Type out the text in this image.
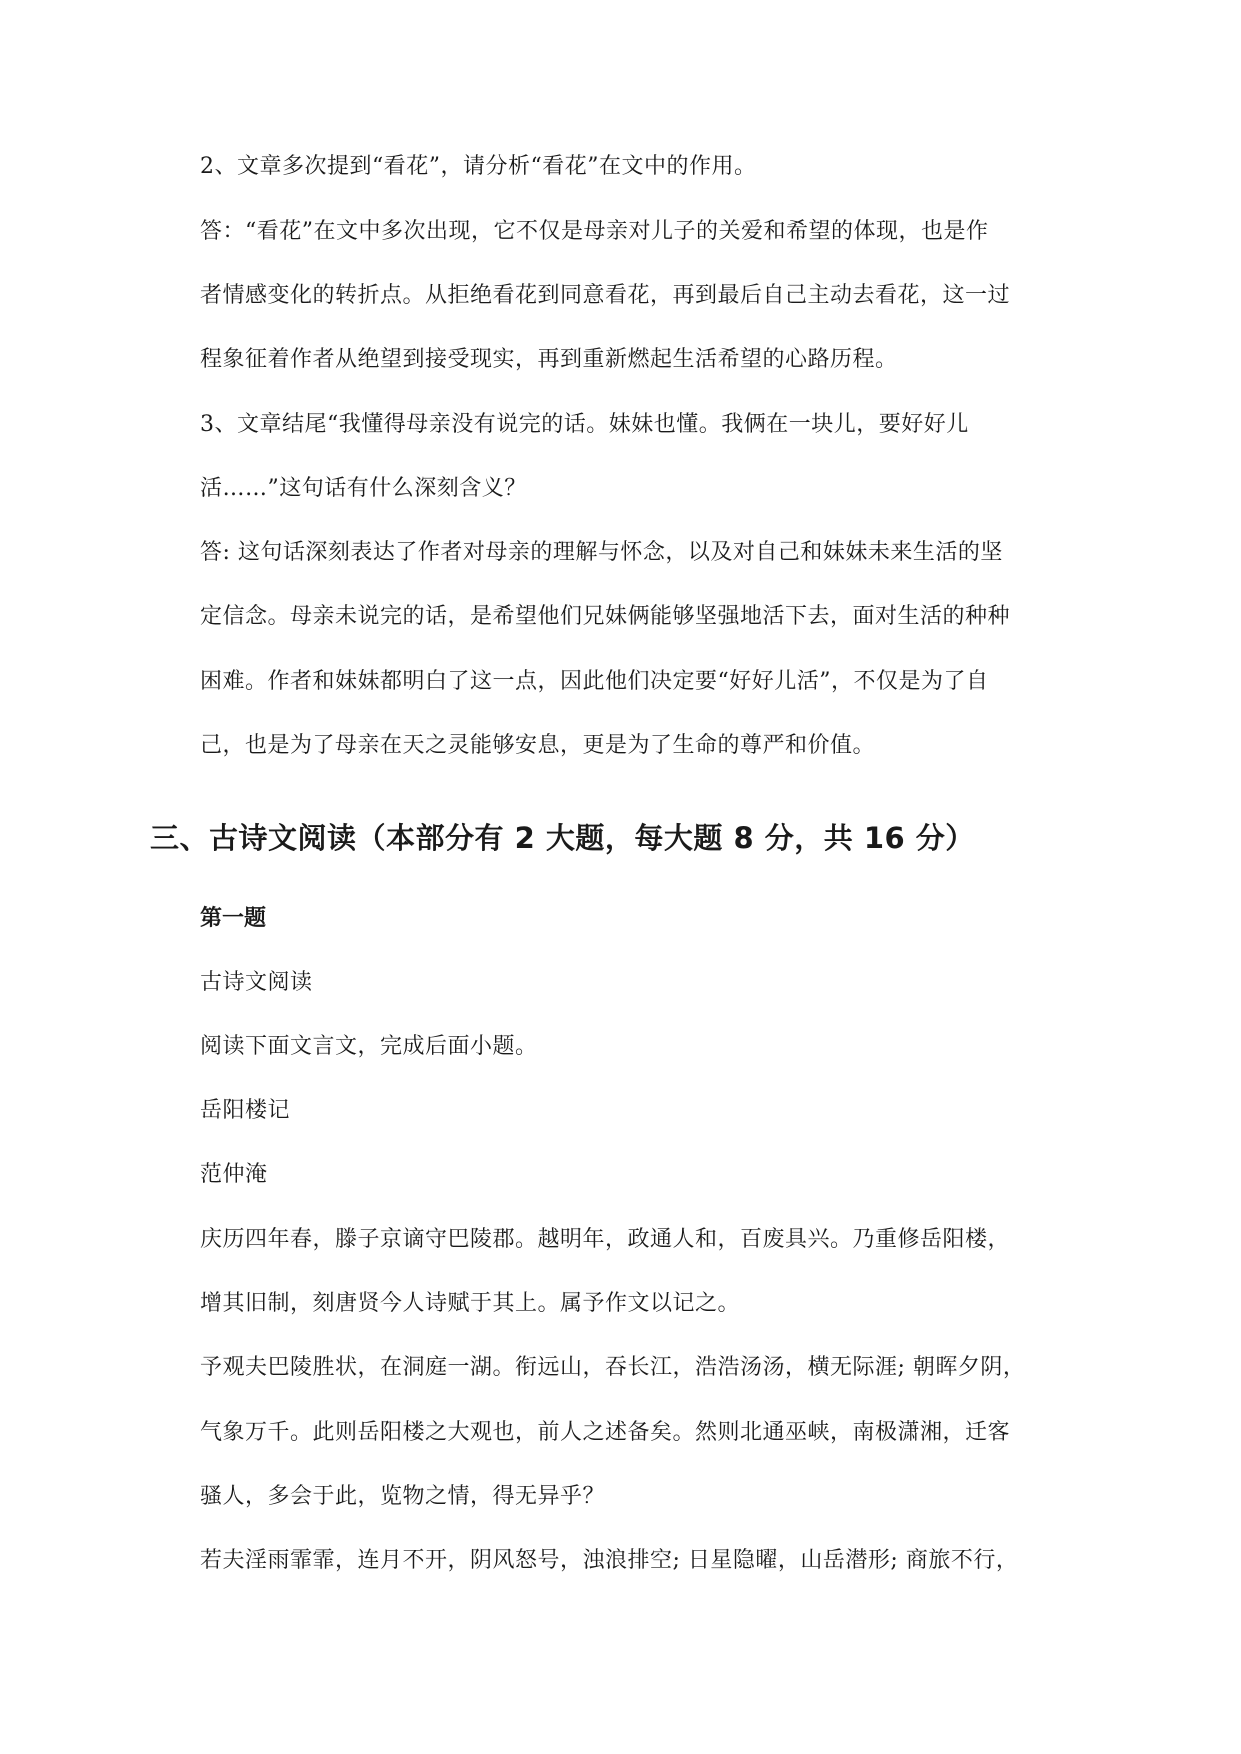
2、文章多次提到“看花”，请分析“看花”在文中的作用。
答：“看花”在文中多次出现，它不仅是母亲对儿子的关爱和希望的体现，也是作
者情感变化的转折点。从拒绝看花到同意看花，再到最后自己主动去看花，这一过
程象征着作者从绝望到接受现实，再到重新燃起生活希望的心路历程。
3、文章结尾“我懂得母亲没有说完的话。妹妹也懂。我俩在一块儿，要好好儿
活……”这句话有什么深刻含义？
答: 这句话深刻表达了作者对母亲的理解与怀念，以及对自己和妹妹未来生活的坚
定信念。母亲未说完的话，是希望他们兄妹俩能够坚强地活下去，面对生活的种种
困难。作者和妹妹都明白了这一点，因此他们决定要“好好儿活”，不仅是为了自
己，也是为了母亲在天之灵能够安息，更是为了生命的尊严和价值。
三、古诗文阅读（本部分有 2 大题，每大题 8 分，共 16 分）
第一题
古诗文阅读
阅读下面文言文，完成后面小题。
岳阳楼记
范仲淹
庆历四年春，滕子京谪守巴陵郡。越明年，政通人和，百废具兴。乃重修岳阳楼，
增其旧制，刻唐贤今人诗赋于其上。属予作文以记之。
予观夫巴陵胜状，在洞庭一湖。衔远山，吞长江，浩浩汤汤，横无际涯; 朝晖夕阴，
气象万千。此则岳阳楼之大观也，前人之述备矣。然则北通巫峡，南极潇湘，迁客
骚人，多会于此，览物之情，得无异乎？
若夫淫雨霏霏，连月不开，阴风怒号，浊浪排空; 日星隐曜，山岳潜形; 商旅不行，
